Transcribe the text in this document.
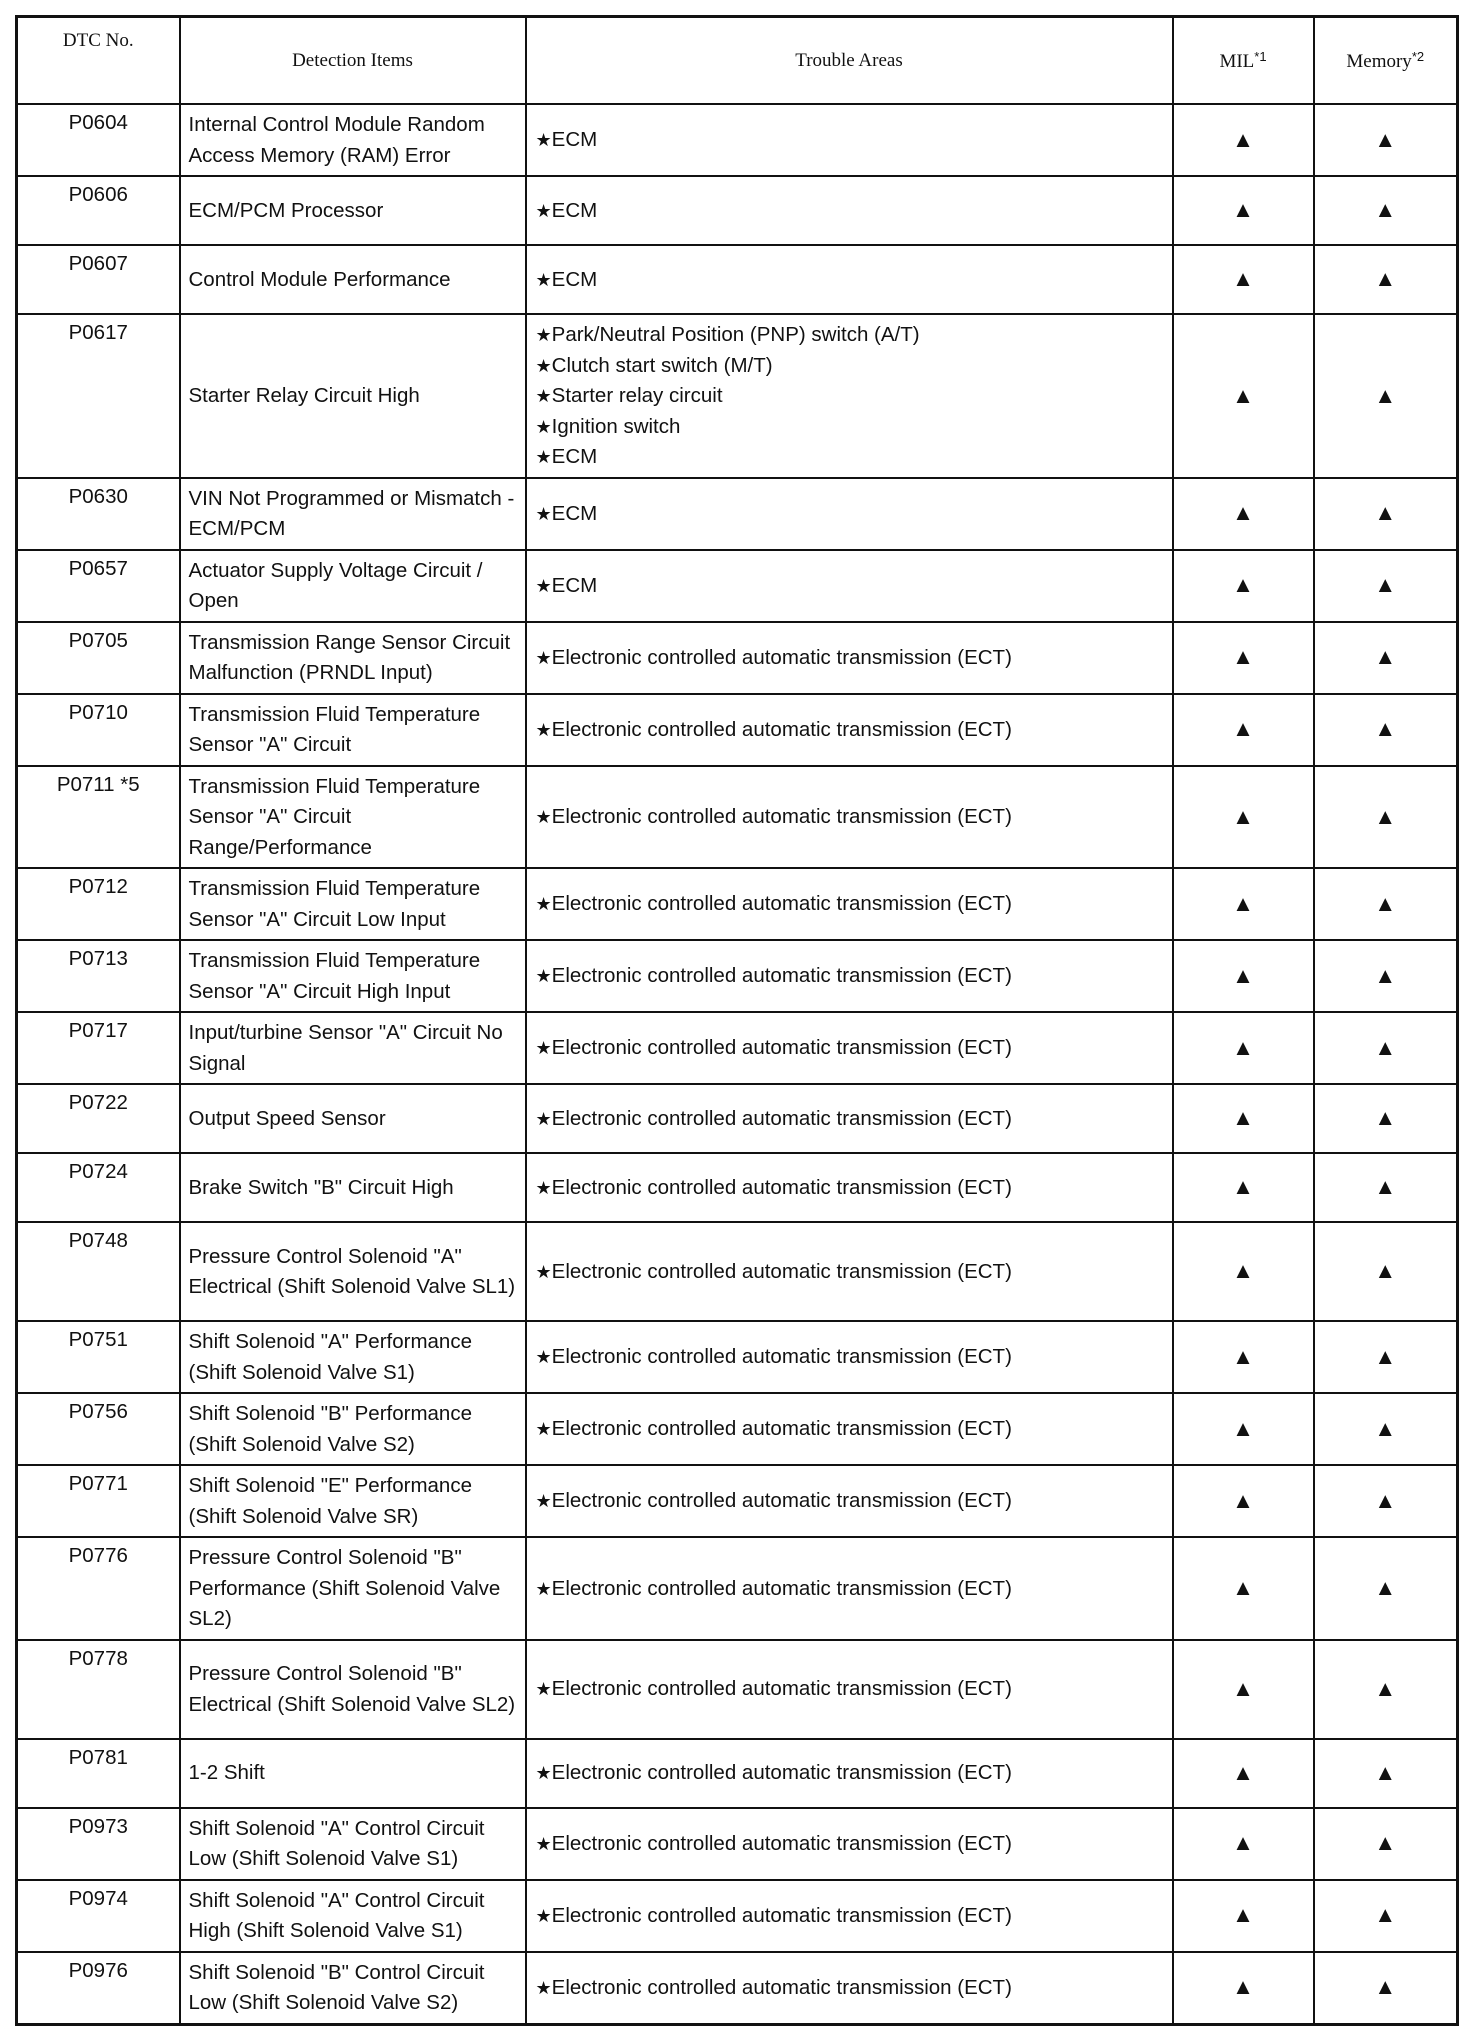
DTC No.	Detection Items	Trouble Areas	MIL$^{*1}$	Memory$^{*2}$
P0604	Internal Control Module Random Access Memory (RAM) Error	★ECM	▲	▲
P0606	ECM/PCM Processor	★ECM	▲	▲
P0607	Control Module Performance	★ECM	▲	▲
P0617	Starter Relay Circuit High	★Park/Neutral Position (PNP) switch (A/T)
★Clutch start switch (M/T)
★Starter relay circuit
★Ignition switch
★ECM	▲	▲
P0630	VIN Not Programmed or Mismatch - ECM/PCM	★ECM	▲	▲
P0657	Actuator Supply Voltage Circuit / Open	★ECM	▲	▲
P0705	Transmission Range Sensor Circuit Malfunction (PRNDL Input)	★Electronic controlled automatic transmission (ECT)	▲	▲
P0710	Transmission Fluid Temperature Sensor "A" Circuit	★Electronic controlled automatic transmission (ECT)	▲	▲
P0711 *5	Transmission Fluid Temperature Sensor "A" Circuit Range/Performance	★Electronic controlled automatic transmission (ECT)	▲	▲
P0712	Transmission Fluid Temperature Sensor "A" Circuit Low Input	★Electronic controlled automatic transmission (ECT)	▲	▲
P0713	Transmission Fluid Temperature Sensor "A" Circuit High Input	★Electronic controlled automatic transmission (ECT)	▲	▲
P0717	Input/turbine Sensor "A" Circuit No Signal	★Electronic controlled automatic transmission (ECT)	▲	▲
P0722	Output Speed Sensor	★Electronic controlled automatic transmission (ECT)	▲	▲
P0724	Brake Switch "B" Circuit High	★Electronic controlled automatic transmission (ECT)	▲	▲
P0748	Pressure Control Solenoid "A" Electrical (Shift Solenoid Valve SL1)	★Electronic controlled automatic transmission (ECT)	▲	▲
P0751	Shift Solenoid "A" Performance (Shift Solenoid Valve S1)	★Electronic controlled automatic transmission (ECT)	▲	▲
P0756	Shift Solenoid "B" Performance (Shift Solenoid Valve S2)	★Electronic controlled automatic transmission (ECT)	▲	▲
P0771	Shift Solenoid "E" Performance (Shift Solenoid Valve SR)	★Electronic controlled automatic transmission (ECT)	▲	▲
P0776	Pressure Control Solenoid "B" Performance (Shift Solenoid Valve SL2)	★Electronic controlled automatic transmission (ECT)	▲	▲
P0778	Pressure Control Solenoid "B" Electrical (Shift Solenoid Valve SL2)	★Electronic controlled automatic transmission (ECT)	▲	▲
P0781	1-2 Shift	★Electronic controlled automatic transmission (ECT)	▲	▲
P0973	Shift Solenoid "A" Control Circuit Low (Shift Solenoid Valve S1)	★Electronic controlled automatic transmission (ECT)	▲	▲
P0974	Shift Solenoid "A" Control Circuit High (Shift Solenoid Valve S1)	★Electronic controlled automatic transmission (ECT)	▲	▲
P0976	Shift Solenoid "B" Control Circuit Low (Shift Solenoid Valve S2)	★Electronic controlled automatic transmission (ECT)	▲	▲
